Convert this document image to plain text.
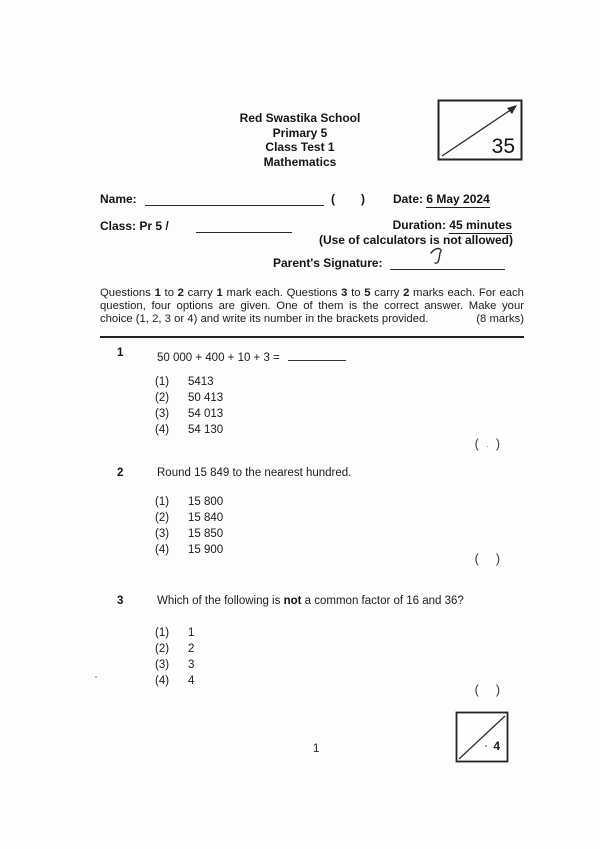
35
Red Swastika School
Primary 5
Class Test 1
Mathematics
Name:	( ) Date: 6 May 2024
Class: Pr 5 /	Duration: 45 minutes
(Use of calculators is not allowed)
Parent's Signature:
Questions 1 to 2 carry 1 mark each. Questions 3 to 5 carry 2 marks each. For each question, four options are given. One of them is the correct answer. Make your choice (1, 2, 3 or 4) and write its number in the brackets provided.	(8 marks)
1	50 000 + 400 + 10 + 3 =
(1) 5413
(2) 50 413
(3) 54 013
(4) 54 130
( . )
2	Round 15 849 to the nearest hundred.
(1) 15 800
(2) 15 840
(3) 15 850
(4) 15 900
( )
3	Which of the following is not a common factor of 16 and 36?
(1) 1
(2) 2
(3) 3
(4) 4
( )
1	4
